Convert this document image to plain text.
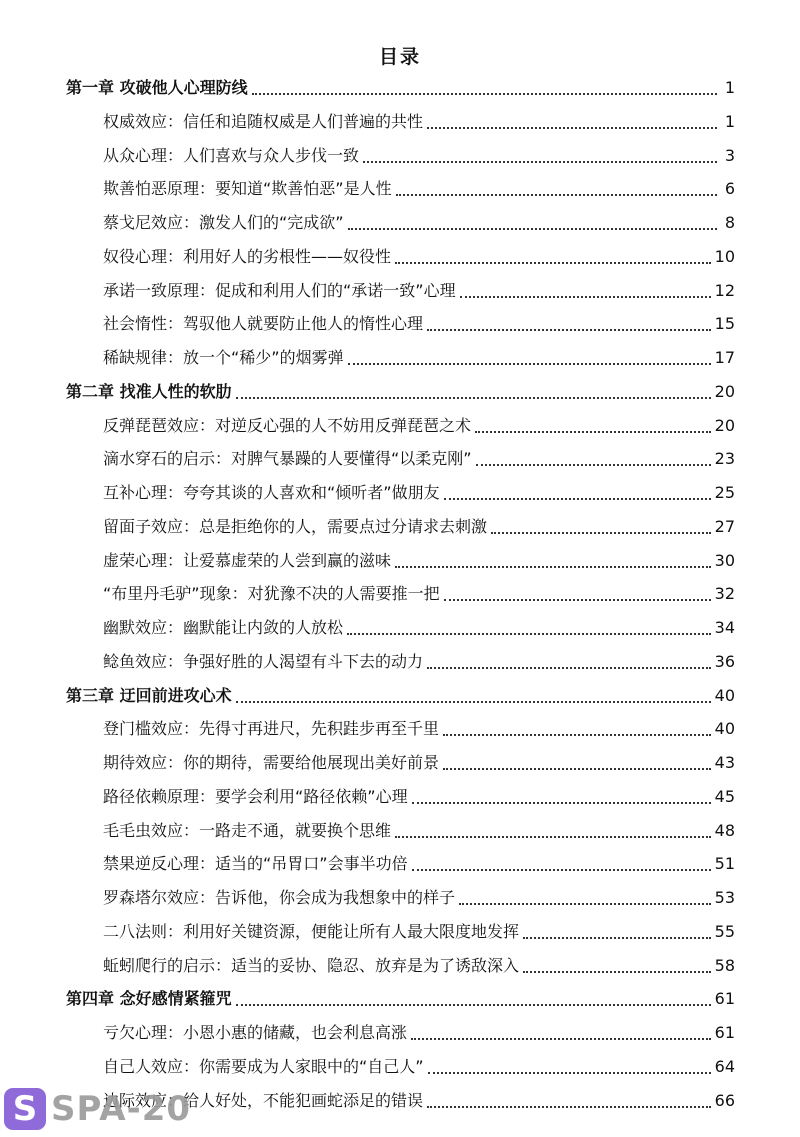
目录
第一章 攻破他人心理防线	1
权威效应：信任和追随权威是人们普遍的共性	1
从众心理：人们喜欢与众人步伐一致	3
欺善怕恶原理：要知道“欺善怕恶”是人性	6
蔡戈尼效应：激发人们的“完成欲”	8
奴役心理：利用好人的劣根性——奴役性	10
承诺一致原理：促成和利用人们的“承诺一致”心理	12
社会惰性：驾驭他人就要防止他人的惰性心理	15
稀缺规律：放一个“稀少”的烟雾弹	17
第二章 找准人性的软肋	20
反弹琵琶效应：对逆反心强的人不妨用反弹琵琶之术	20
滴水穿石的启示：对脾气暴躁的人要懂得“以柔克刚”	23
互补心理：夸夸其谈的人喜欢和“倾听者”做朋友	25
留面子效应：总是拒绝你的人，需要点过分请求去刺激	27
虚荣心理：让爱慕虚荣的人尝到赢的滋味	30
“布里丹毛驴”现象：对犹豫不决的人需要推一把	32
幽默效应：幽默能让内敛的人放松	34
鲶鱼效应：争强好胜的人渴望有斗下去的动力	36
第三章 迂回前进攻心术	40
登门槛效应：先得寸再进尺，先积跬步再至千里	40
期待效应：你的期待，需要给他展现出美好前景	43
路径依赖原理：要学会利用“路径依赖”心理	45
毛毛虫效应：一路走不通，就要换个思维	48
禁果逆反心理：适当的“吊胃口”会事半功倍	51
罗森塔尔效应：告诉他，你会成为我想象中的样子	53
二八法则：利用好关键资源，便能让所有人最大限度地发挥	55
蚯蚓爬行的启示：适当的妥协、隐忍、放弃是为了诱敌深入	58
第四章 念好感情紧箍咒	61
亏欠心理：小恩小惠的储藏，也会利息高涨	61
自己人效应：你需要成为人家眼中的“自己人”	64
边际效应：给人好处，不能犯画蛇添足的错误	66
S SPA-20
